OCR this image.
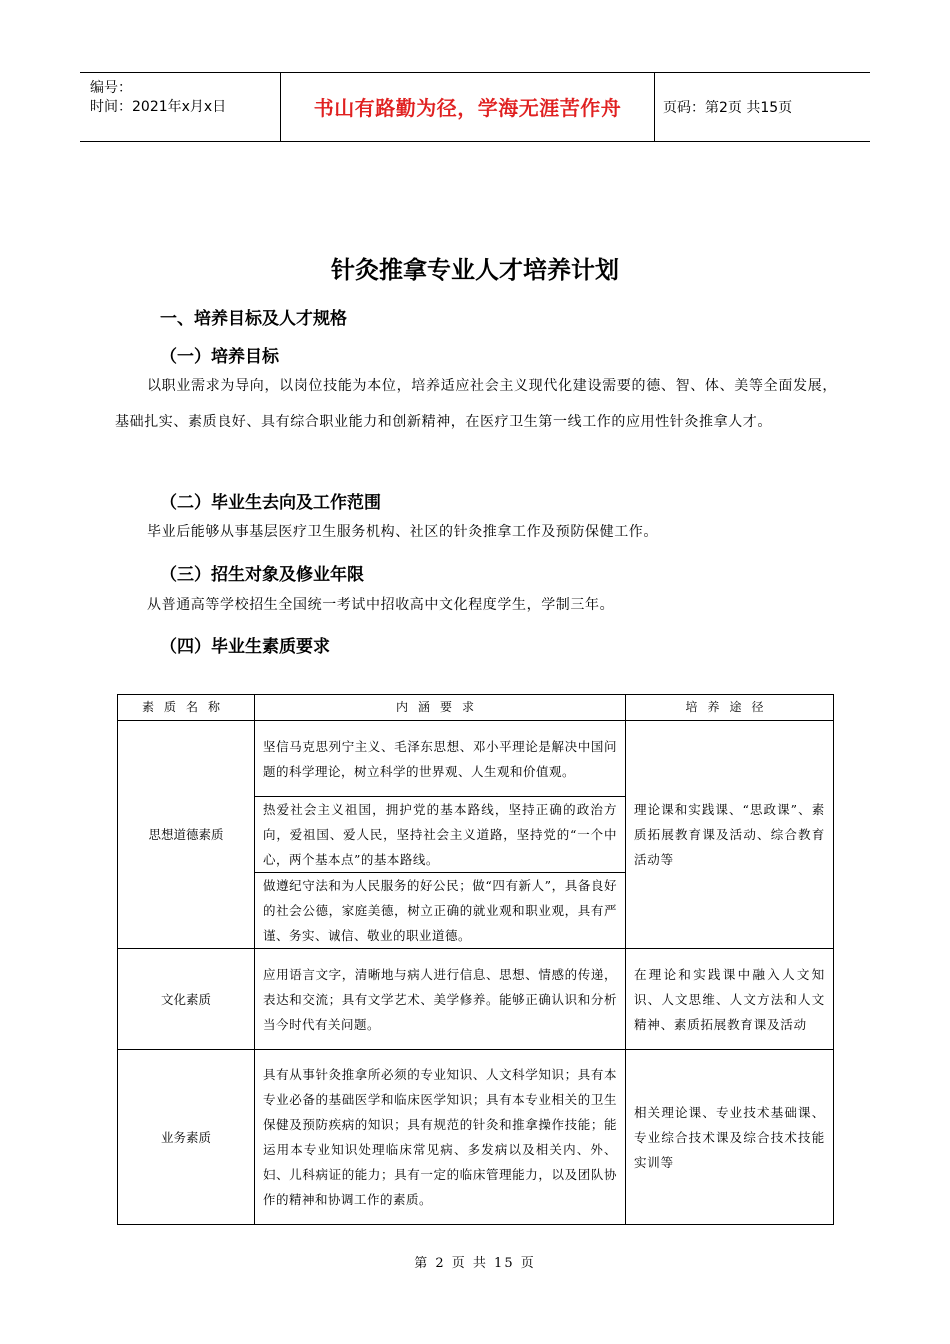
编号：
时间：2021年x月x日	书山有路勤为径，学海无涯苦作舟	页码：第2页 共15页
针灸推拿专业人才培养计划
一、培养目标及人才规格
（一）培养目标
以职业需求为导向，以岗位技能为本位，培养适应社会主义现代化建设需要的德、智、体、美等全面发展，基础扎实、素质良好、具有综合职业能力和创新精神，在医疗卫生第一线工作的应用性针灸推拿人才。
（二）毕业生去向及工作范围
毕业后能够从事基层医疗卫生服务机构、社区的针灸推拿工作及预防保健工作。
（三）招生对象及修业年限
从普通高等学校招生全国统一考试中招收高中文化程度学生，学制三年。
（四）毕业生素质要求
素质名称	内涵要求	培养途径
思想道德素质	坚信马克思列宁主义、毛泽东思想、邓小平理论是解决中国问题的科学理论，树立科学的世界观、人生观和价值观。	理论课和实践课、“思政课”、素质拓展教育课及活动、综合教育活动等
	热爱社会主义祖国，拥护党的基本路线，坚持正确的政治方向，爱祖国、爱人民，坚持社会主义道路，坚持党的“一个中心，两个基本点”的基本路线。	
	做遵纪守法和为人民服务的好公民；做“四有新人”，具备良好的社会公德，家庭美德，树立正确的就业观和职业观，具有严谨、务实、诚信、敬业的职业道德。	
文化素质	应用语言文字，清晰地与病人进行信息、思想、情感的传递，表达和交流；具有文学艺术、美学修养。能够正确认识和分析当今时代有关问题。	在理论和实践课中融入人文知识、人文思维、人文方法和人文精神、素质拓展教育课及活动
业务素质	具有从事针灸推拿所必须的专业知识、人文科学知识；具有本专业必备的基础医学和临床医学知识；具有本专业相关的卫生保健及预防疾病的知识；具有规范的针灸和推拿操作技能；能运用本专业知识处理临床常见病、多发病以及相关内、外、妇、儿科病证的能力；具有一定的临床管理能力，以及团队协作的精神和协调工作的素质。	相关理论课、专业技术基础课、专业综合技术课及综合技术技能实训等
第 2 页 共 15 页
